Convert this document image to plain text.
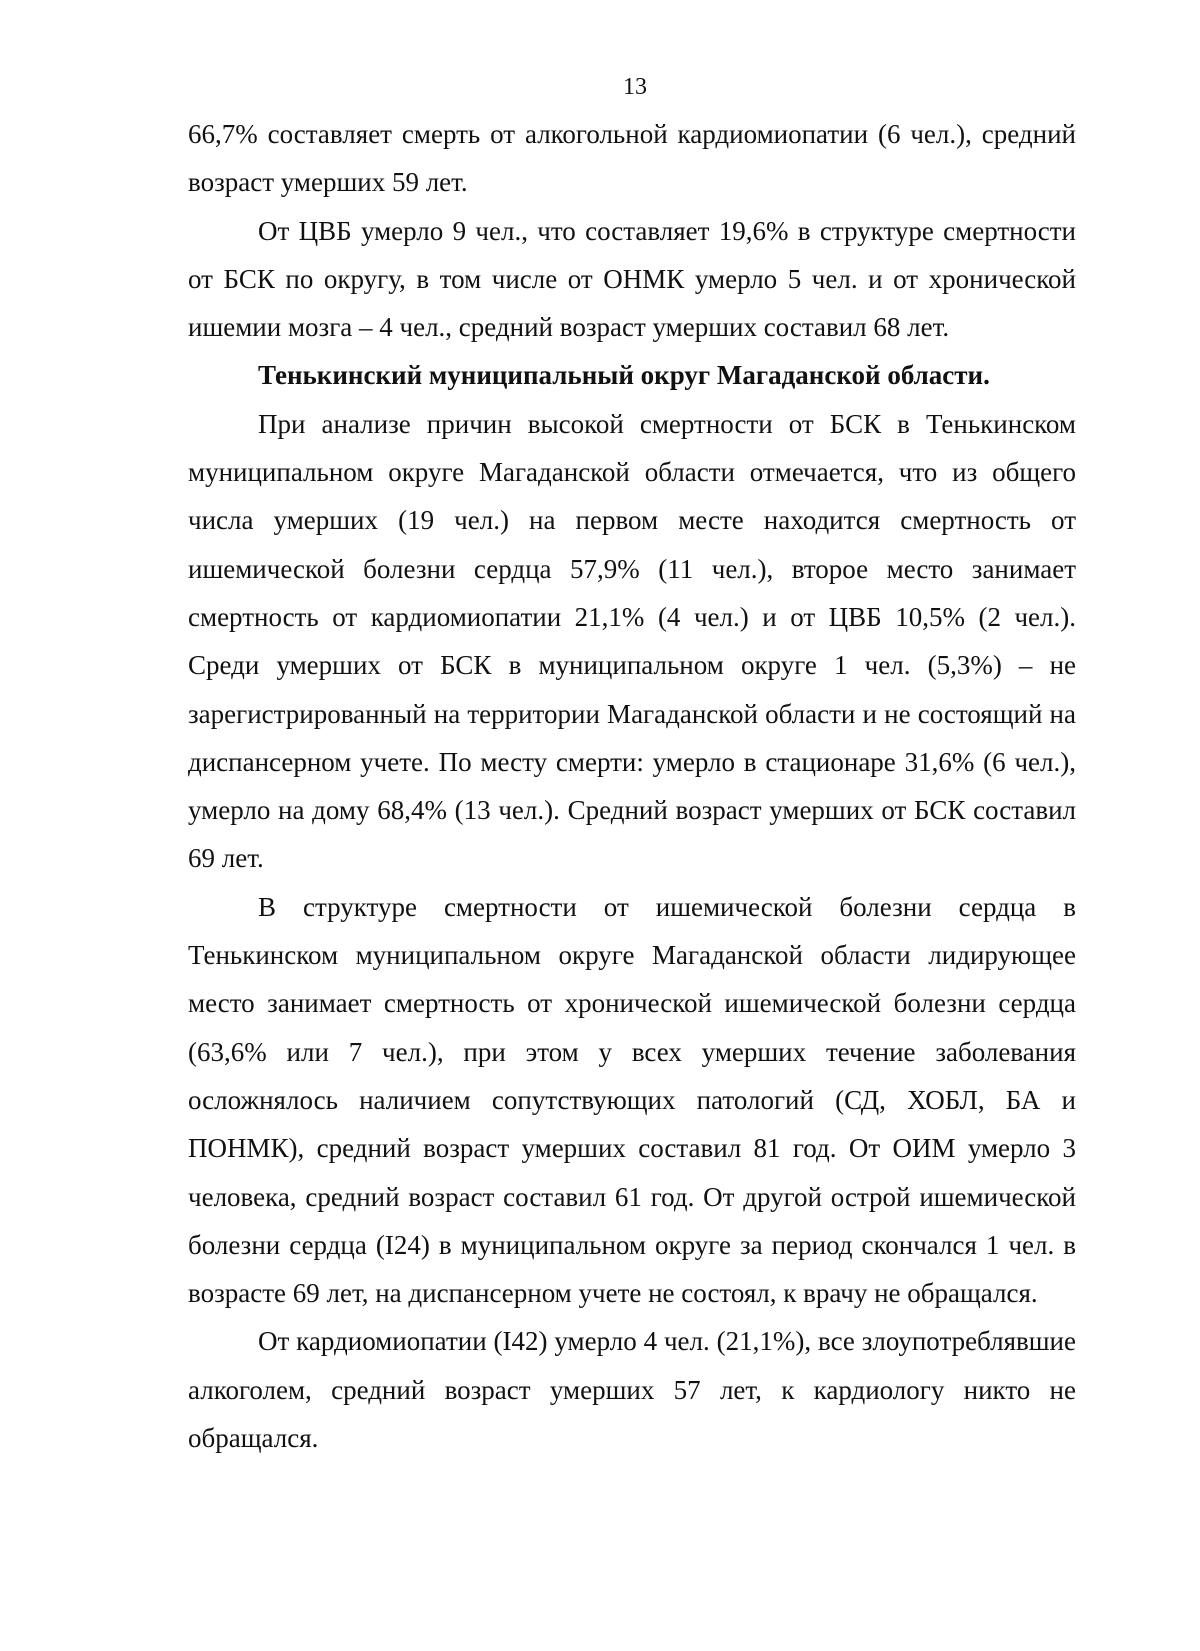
13

66,7% составляет смерть от алкогольной кардиомиопатии (6 чел.), средний возраст умерших 59 лет.

От ЦВБ умерло 9 чел., что составляет 19,6% в структуре смертности от БСК по округу, в том числе от ОНМК умерло 5 чел. и от хронической ишемии мозга – 4 чел., средний возраст умерших составил 68 лет.

Тенькинский муниципальный округ Магаданской области.

При анализе причин высокой смертности от БСК в Тенькинском муниципальном округе Магаданской области отмечается, что из общего числа умерших (19 чел.) на первом месте находится смертность от ишемической болезни сердца 57,9% (11 чел.), второе место занимает смертность от кардиомиопатии 21,1% (4 чел.) и от ЦВБ 10,5% (2 чел.). Среди умерших от БСК в муниципальном округе 1 чел. (5,3%) – не зарегистрированный на территории Магаданской области и не состоящий на диспансерном учете. По месту смерти: умерло в стационаре 31,6% (6 чел.), умерло на дому 68,4% (13 чел.). Средний возраст умерших от БСК составил 69 лет.

В структуре смертности от ишемической болезни сердца в Тенькинском муниципальном округе Магаданской области лидирующее место занимает смертность от хронической ишемической болезни сердца (63,6% или 7 чел.), при этом у всех умерших течение заболевания осложнялось наличием сопутствующих патологий (СД, ХОБЛ, БА и ПОНМК), средний возраст умерших составил 81 год. От ОИМ умерло 3 человека, средний возраст составил 61 год. От другой острой ишемической болезни сердца (I24) в муниципальном округе за период скончался 1 чел. в возрасте 69 лет, на диспансерном учете не состоял, к врачу не обращался.

От кардиомиопатии (I42) умерло 4 чел. (21,1%), все злоупотреблявшие алкоголем, средний возраст умерших 57 лет, к кардиологу никто не обращался.
